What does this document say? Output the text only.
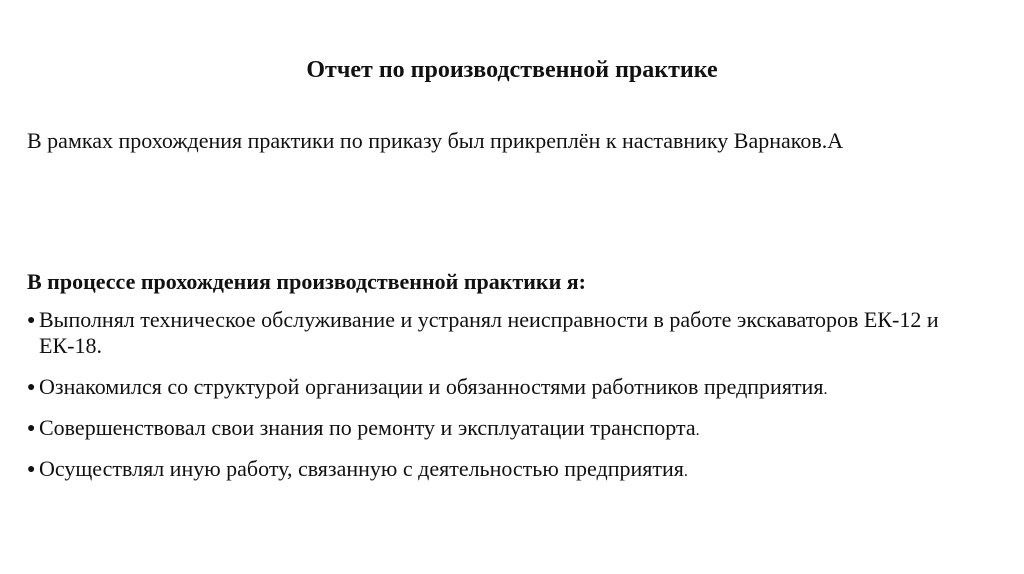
Отчет по производственной практике
В рамках прохождения практики по приказу был прикреплён к наставнику Варнаков.А
В процессе прохождения производственной практики я:
● Выполнял техническое обслуживание и устранял неисправности в работе экскаваторов ЕК-12 и ЕК-18.
● Ознакомился со структурой организации и обязанностями работников предприятия.
● Совершенствовал свои знания по ремонту и эксплуатации транспорта.
● Осуществлял иную работу, связанную с деятельностью предприятия.
